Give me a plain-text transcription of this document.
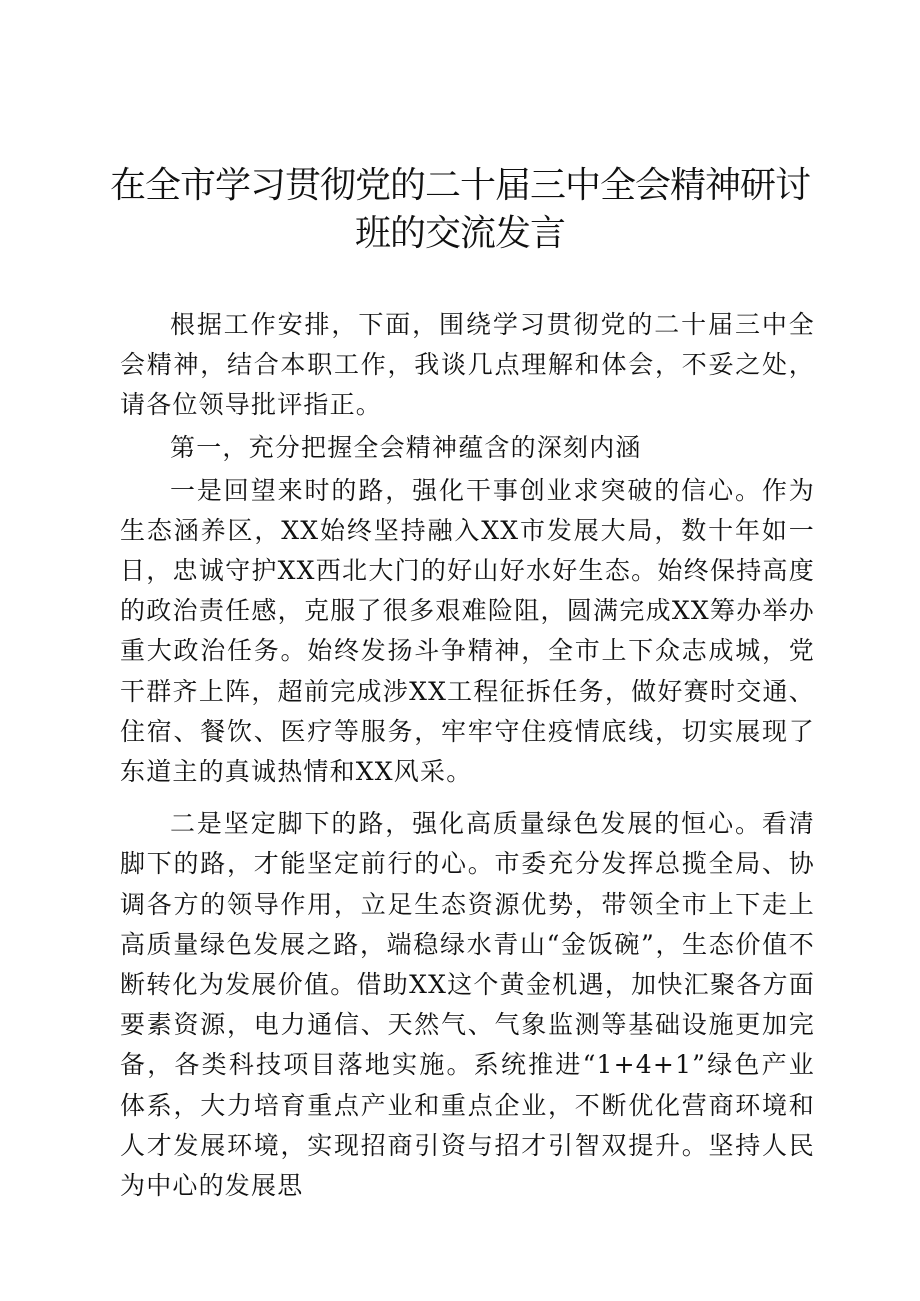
在全市学习贯彻党的二十届三中全会精神研讨
班的交流发言

根据工作安排，下面，围绕学习贯彻党的二十届三中全会精神，结合本职工作，我谈几点理解和体会，不妥之处，请各位领导批评指正。

第一，充分把握全会精神蕴含的深刻内涵

一是回望来时的路，强化干事创业求突破的信心。作为生态涵养区，XX始终坚持融入XX市发展大局，数十年如一日，忠诚守护XX西北大门的好山好水好生态。始终保持高度的政治责任感，克服了很多艰难险阻，圆满完成XX筹办举办重大政治任务。始终发扬斗争精神，全市上下众志成城，党干群齐上阵，超前完成涉XX工程征拆任务，做好赛时交通、住宿、餐饮、医疗等服务，牢牢守住疫情底线，切实展现了东道主的真诚热情和XX风采。

二是坚定脚下的路，强化高质量绿色发展的恒心。看清脚下的路，才能坚定前行的心。市委充分发挥总揽全局、协调各方的领导作用，立足生态资源优势，带领全市上下走上高质量绿色发展之路，端稳绿水青山“金饭碗”，生态价值不断转化为发展价值。借助XX这个黄金机遇，加快汇聚各方面要素资源，电力通信、天然气、气象监测等基础设施更加完备，各类科技项目落地实施。系统推进“1+4+1”绿色产业体系，大力培育重点产业和重点企业，不断优化营商环境和人才发展环境，实现招商引资与招才引智双提升。坚持人民为中心的发展思
